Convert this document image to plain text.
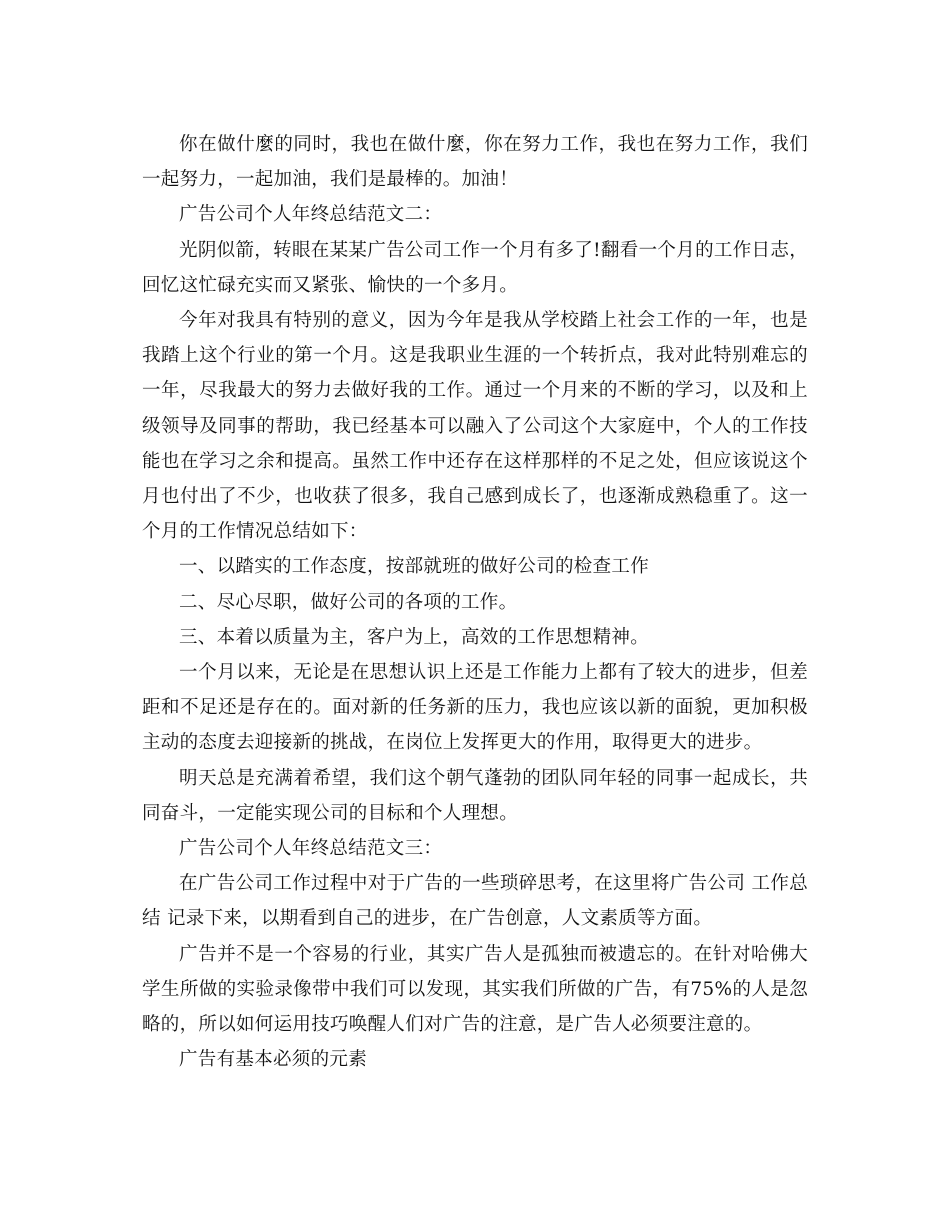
你在做什麼的同时，我也在做什麼，你在努力工作，我也在努力工作，我们一起努力，一起加油，我们是最棒的。加油！

广告公司个人年终总结范文二：

光阴似箭，转眼在某某广告公司工作一个月有多了!翻看一个月的工作日志，回忆这忙碌充实而又紧张、愉快的一个多月。

今年对我具有特别的意义，因为今年是我从学校踏上社会工作的一年，也是我踏上这个行业的第一个月。这是我职业生涯的一个转折点，我对此特别难忘的一年，尽我最大的努力去做好我的工作。通过一个月来的不断的学习，以及和上级领导及同事的帮助，我已经基本可以融入了公司这个大家庭中，个人的工作技能也在学习之余和提高。虽然工作中还存在这样那样的不足之处，但应该说这个月也付出了不少，也收获了很多，我自己感到成长了，也逐渐成熟稳重了。这一个月的工作情况总结如下：

一、以踏实的工作态度，按部就班的做好公司的检查工作

二、尽心尽职，做好公司的各项的工作。

三、本着以质量为主，客户为上，高效的工作思想精神。

一个月以来，无论是在思想认识上还是工作能力上都有了较大的进步，但差距和不足还是存在的。面对新的任务新的压力，我也应该以新的面貌，更加积极主动的态度去迎接新的挑战，在岗位上发挥更大的作用，取得更大的进步。

明天总是充满着希望，我们这个朝气蓬勃的团队同年轻的同事一起成长，共同奋斗，一定能实现公司的目标和个人理想。

广告公司个人年终总结范文三：

在广告公司工作过程中对于广告的一些琐碎思考，在这里将广告公司 工作总结 记录下来，以期看到自己的进步，在广告创意，人文素质等方面。

广告并不是一个容易的行业，其实广告人是孤独而被遗忘的。在针对哈佛大学生所做的实验录像带中我们可以发现，其实我们所做的广告，有75%的人是忽略的，所以如何运用技巧唤醒人们对广告的注意，是广告人必须要注意的。

广告有基本必须的元素
